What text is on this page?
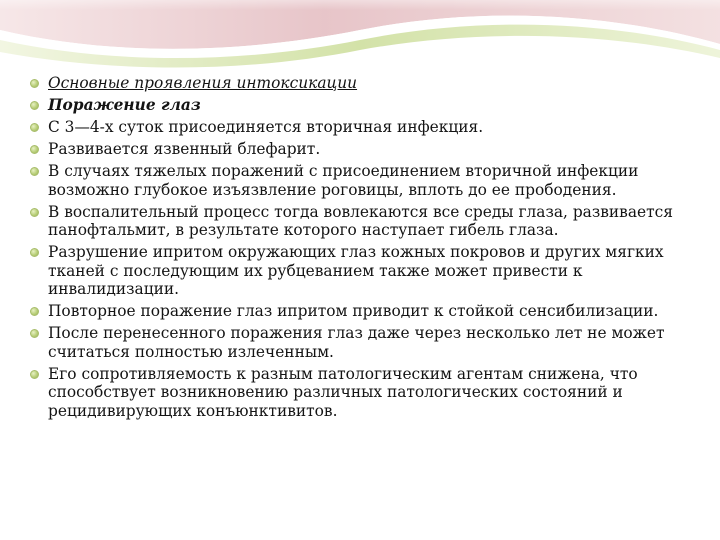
Основные проявления интоксикации
Поражение глаз
С 3—4-х суток присоединяется вторичная инфекция.
Развивается язвенный блефарит.
В случаях тяжелых поражений с присоединением вторичной инфекции возможно глубокое изъязвление роговицы, вплоть до ее прободения.
В воспалительный процесс тогда вовлекаются все среды глаза, развивается панофтальмит, в результате которого наступает гибель глаза.
Разрушение ипритом окружающих глаз кожных покровов и других мягких тканей с последующим их рубцеванием также может привести к инвалидизации.
Повторное поражение глаз ипритом приводит к стойкой сенсибилизации.
После перенесенного поражения глаз даже через несколько лет не может считаться полностью излеченным.
Его сопротивляемость к разным патологическим агентам снижена, что способствует возникновению различных патологических состояний и рецидивирующих конъюнктивитов.
